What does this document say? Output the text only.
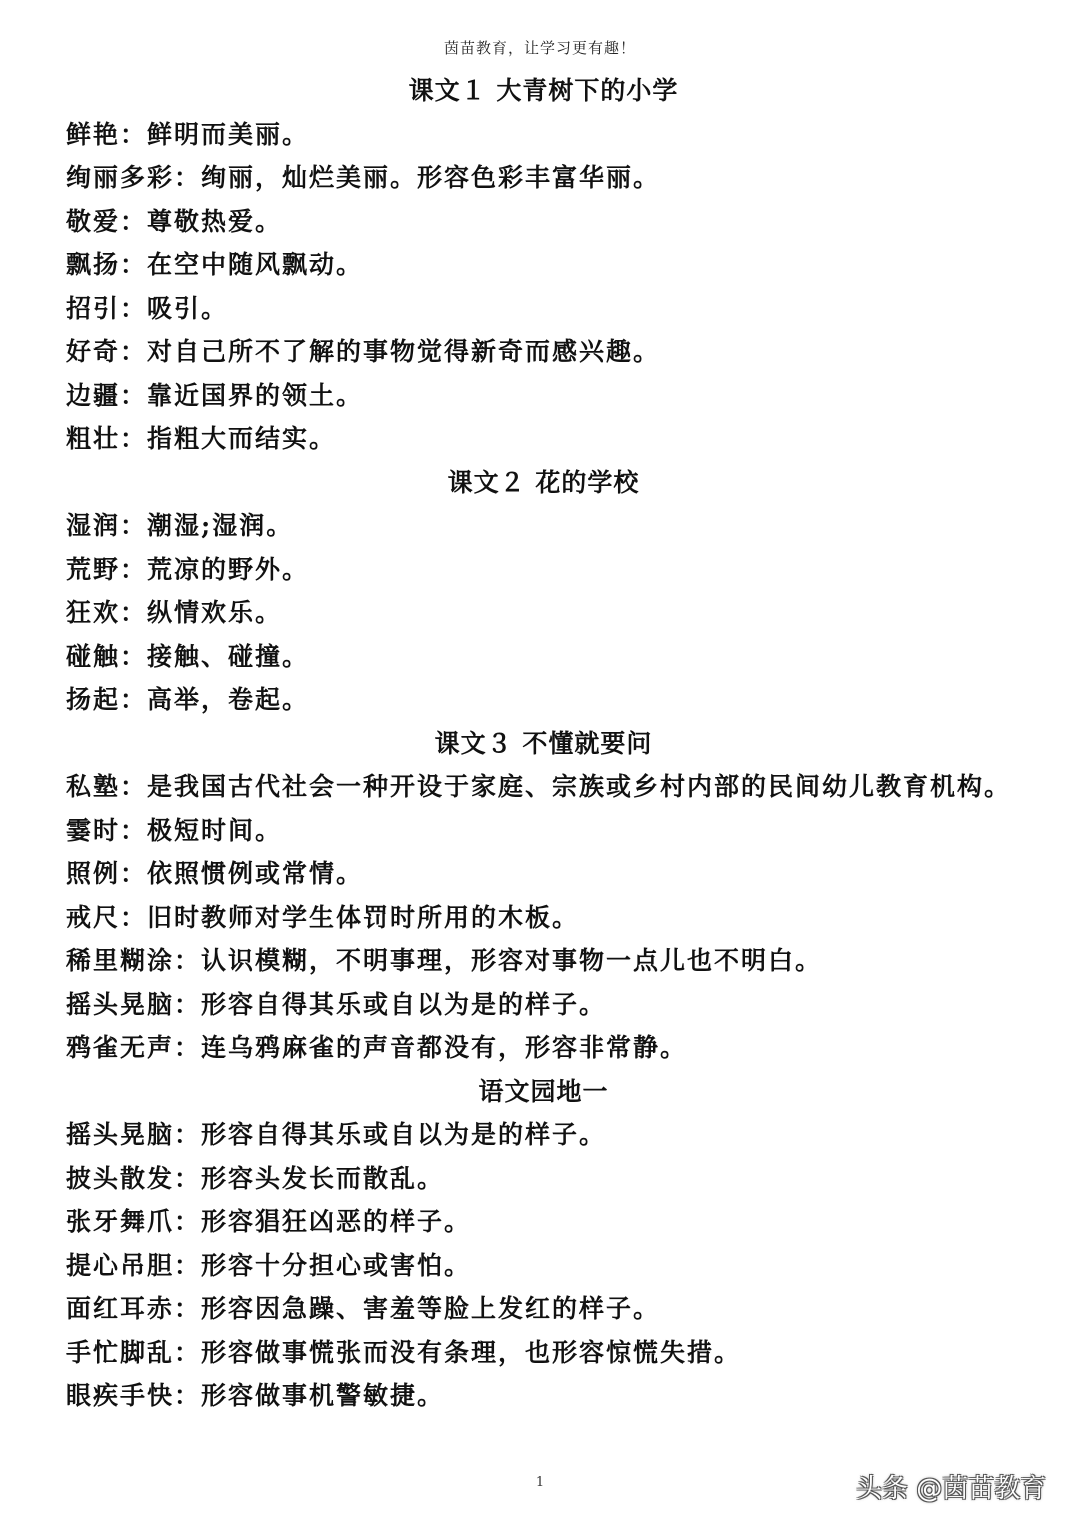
茵苗教育，让学习更有趣！
课文１ 大青树下的小学
鲜艳：鲜明而美丽。
绚丽多彩：绚丽，灿烂美丽。形容色彩丰富华丽。
敬爱：尊敬热爱。
飘扬：在空中随风飘动。
招引：吸引。
好奇：对自己所不了解的事物觉得新奇而感兴趣。
边疆：靠近国界的领土。
粗壮：指粗大而结实。
课文２ 花的学校
湿润：潮湿;湿润。
荒野：荒凉的野外。
狂欢：纵情欢乐。
碰触：接触、碰撞。
扬起：高举，卷起。
课文３ 不懂就要问
私塾：是我国古代社会一种开设于家庭、宗族或乡村内部的民间幼儿教育机构。
霎时：极短时间。
照例：依照惯例或常情。
戒尺：旧时教师对学生体罚时所用的木板。
稀里糊涂：认识模糊，不明事理，形容对事物一点儿也不明白。
摇头晃脑：形容自得其乐或自以为是的样子。
鸦雀无声：连乌鸦麻雀的声音都没有，形容非常静。
语文园地一
摇头晃脑：形容自得其乐或自以为是的样子。
披头散发：形容头发长而散乱。
张牙舞爪：形容猖狂凶恶的样子。
提心吊胆：形容十分担心或害怕。
面红耳赤：形容因急躁、害羞等脸上发红的样子。
手忙脚乱：形容做事慌张而没有条理，也形容惊慌失措。
眼疾手快：形容做事机警敏捷。
1	头条 @茵苗教育
